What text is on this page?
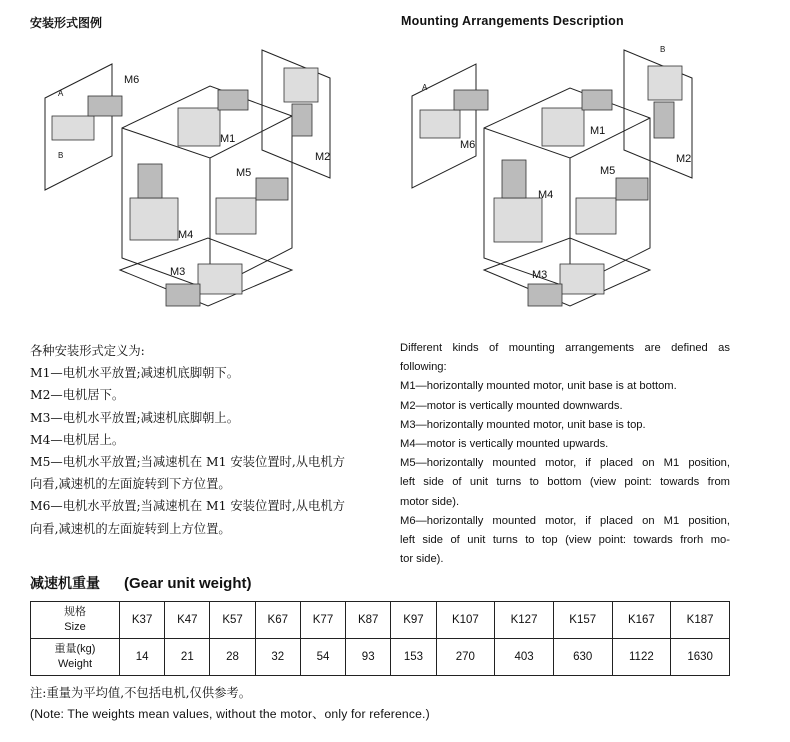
安装形式图例	Mounting Arrangements Description
M6
M1
M2
M4
M5
M3
A
B
M6
M1
M2
M4
M5
M3
A
B
各种安装形式定义为:
M1—电机水平放置;减速机底脚朝下。
M2—电机居下。
M3—电机水平放置;减速机底脚朝上。
M4—电机居上。
M5—电机水平放置;当减速机在 M1 安装位置时,从电机方
向看,减速机的左面旋转到下方位置。
M6—电机水平放置;当减速机在 M1 安装位置时,从电机方
向看,减速机的左面旋转到上方位置。
Different kinds of mounting arrangements are defined as
following:
M1—horizontally mounted motor, unit base is at bottom.
M2—motor is vertically mounted downwards.
M3—horizontally mounted motor, unit base is top.
M4—motor is vertically mounted upwards.
M5—horizontally mounted motor, if placed on M1 position,
left side of unit turns to bottom (view point: towards from
motor side).
M6—horizontally mounted motor, if placed on M1 position,
left side of unit turns to top (view point: towards frorh mo-
tor side).
减速机重量 (Gear unit weight)
规格
Size	K37	K47	K57	K67	K77	K87	K97	K107	K127	K157	K167	K187

重量(kg)
Weight	14	21	28	32	54	93	153	270	403	630	1122	1630
注:重量为平均值,不包括电机,仅供参考。
(Note: The weights mean values, without the motor、only for reference.)
